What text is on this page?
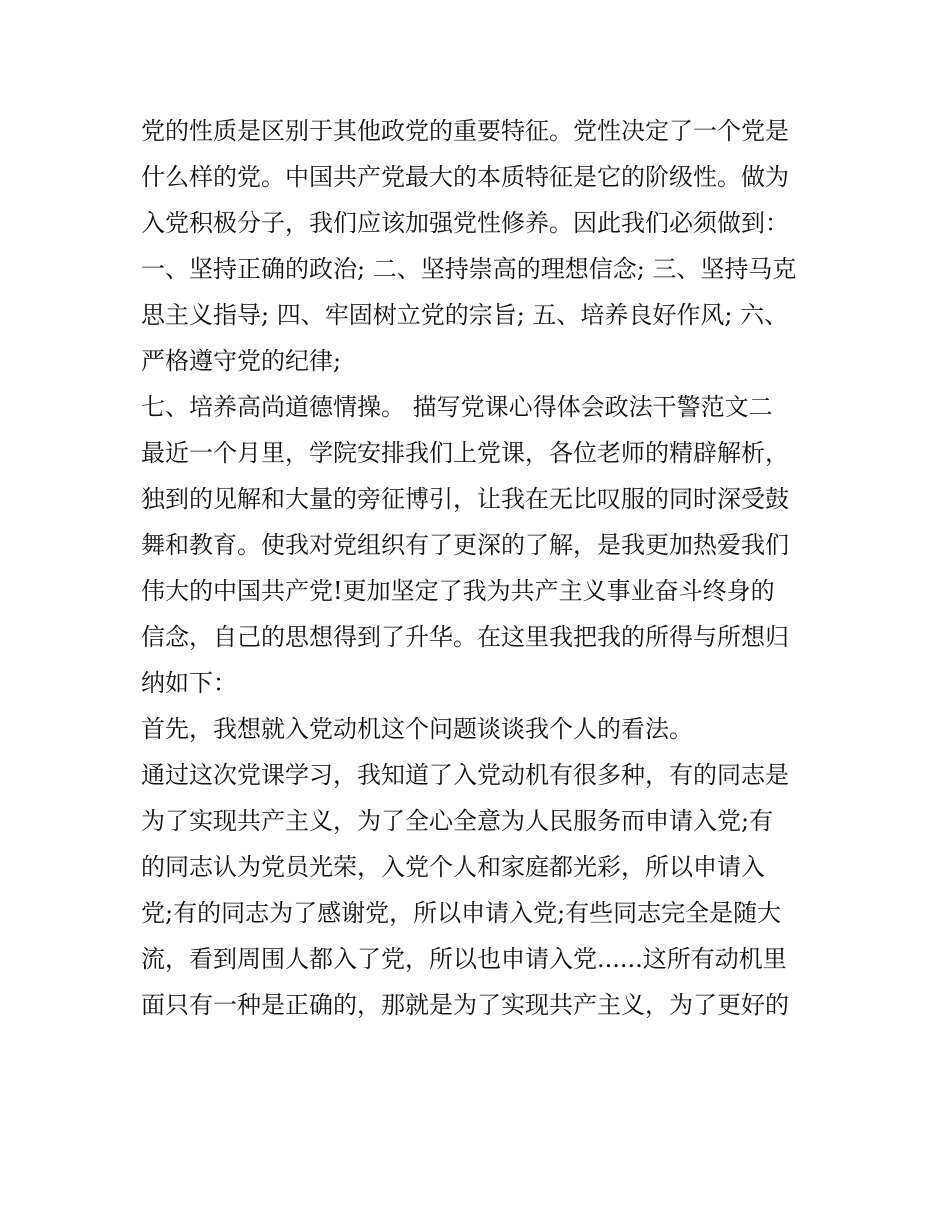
党的性质是区别于其他政党的重要特征。党性决定了一个党是
什么样的党。中国共产党最大的本质特征是它的阶级性。做为
入党积极分子，我们应该加强党性修养。因此我们必须做到：
一、坚持正确的政治; 二、坚持崇高的理想信念; 三、坚持马克
思主义指导; 四、牢固树立党的宗旨; 五、培养良好作风; 六、
严格遵守党的纪律;
七、培养高尚道德情操。 描写党课心得体会政法干警范文二
最近一个月里，学院安排我们上党课，各位老师的精辟解析，
独到的见解和大量的旁征博引，让我在无比叹服的同时深受鼓
舞和教育。使我对党组织有了更深的了解，是我更加热爱我们
伟大的中国共产党!更加坚定了我为共产主义事业奋斗终身的
信念，自己的思想得到了升华。在这里我把我的所得与所想归
纳如下：
首先，我想就入党动机这个问题谈谈我个人的看法。
通过这次党课学习，我知道了入党动机有很多种，有的同志是
为了实现共产主义，为了全心全意为人民服务而申请入党;有
的同志认为党员光荣，入党个人和家庭都光彩，所以申请入
党;有的同志为了感谢党，所以申请入党;有些同志完全是随大
流，看到周围人都入了党，所以也申请入党......这所有动机里
面只有一种是正确的，那就是为了实现共产主义，为了更好的
